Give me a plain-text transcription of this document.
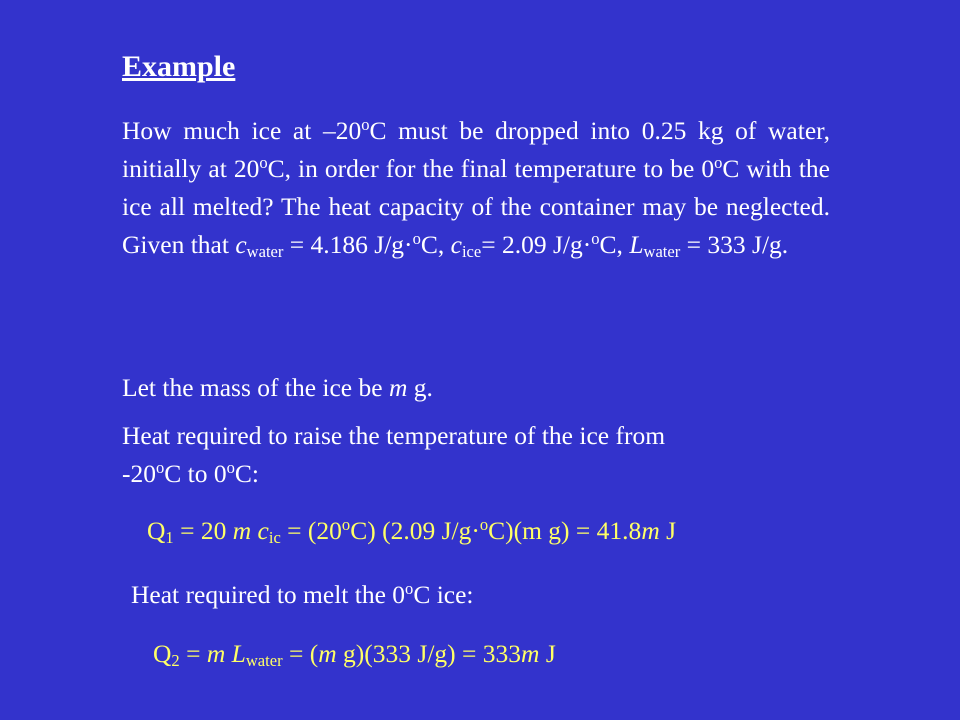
Example

How much ice at –20$^o$C must be dropped into 0.25 kg of water, initially at 20$^o$C, in order for the final temperature to be 0$^o$C with the ice all melted? The heat capacity of the container may be neglected. Given that $c_{water} = 4.186$ J/g·$^o$C, $c_{ice}= 2.09$ J/g·$^o$C, $L_{water} = 333$ J/g.

Let the mass of the ice be m g.

Heat required to raise the temperature of the ice from

-20$^o$C to 0$^o$C:

$Q_1 = 20$ m $c_{ic} = (20^oC)$ (2.09 J/g·$^o$C)(m g) = 41.8m J

Heat required to melt the 0$^o$C ice:

$Q_2 = m$ $L_{water} = (m$ g)(333 J/g) = 333m J
